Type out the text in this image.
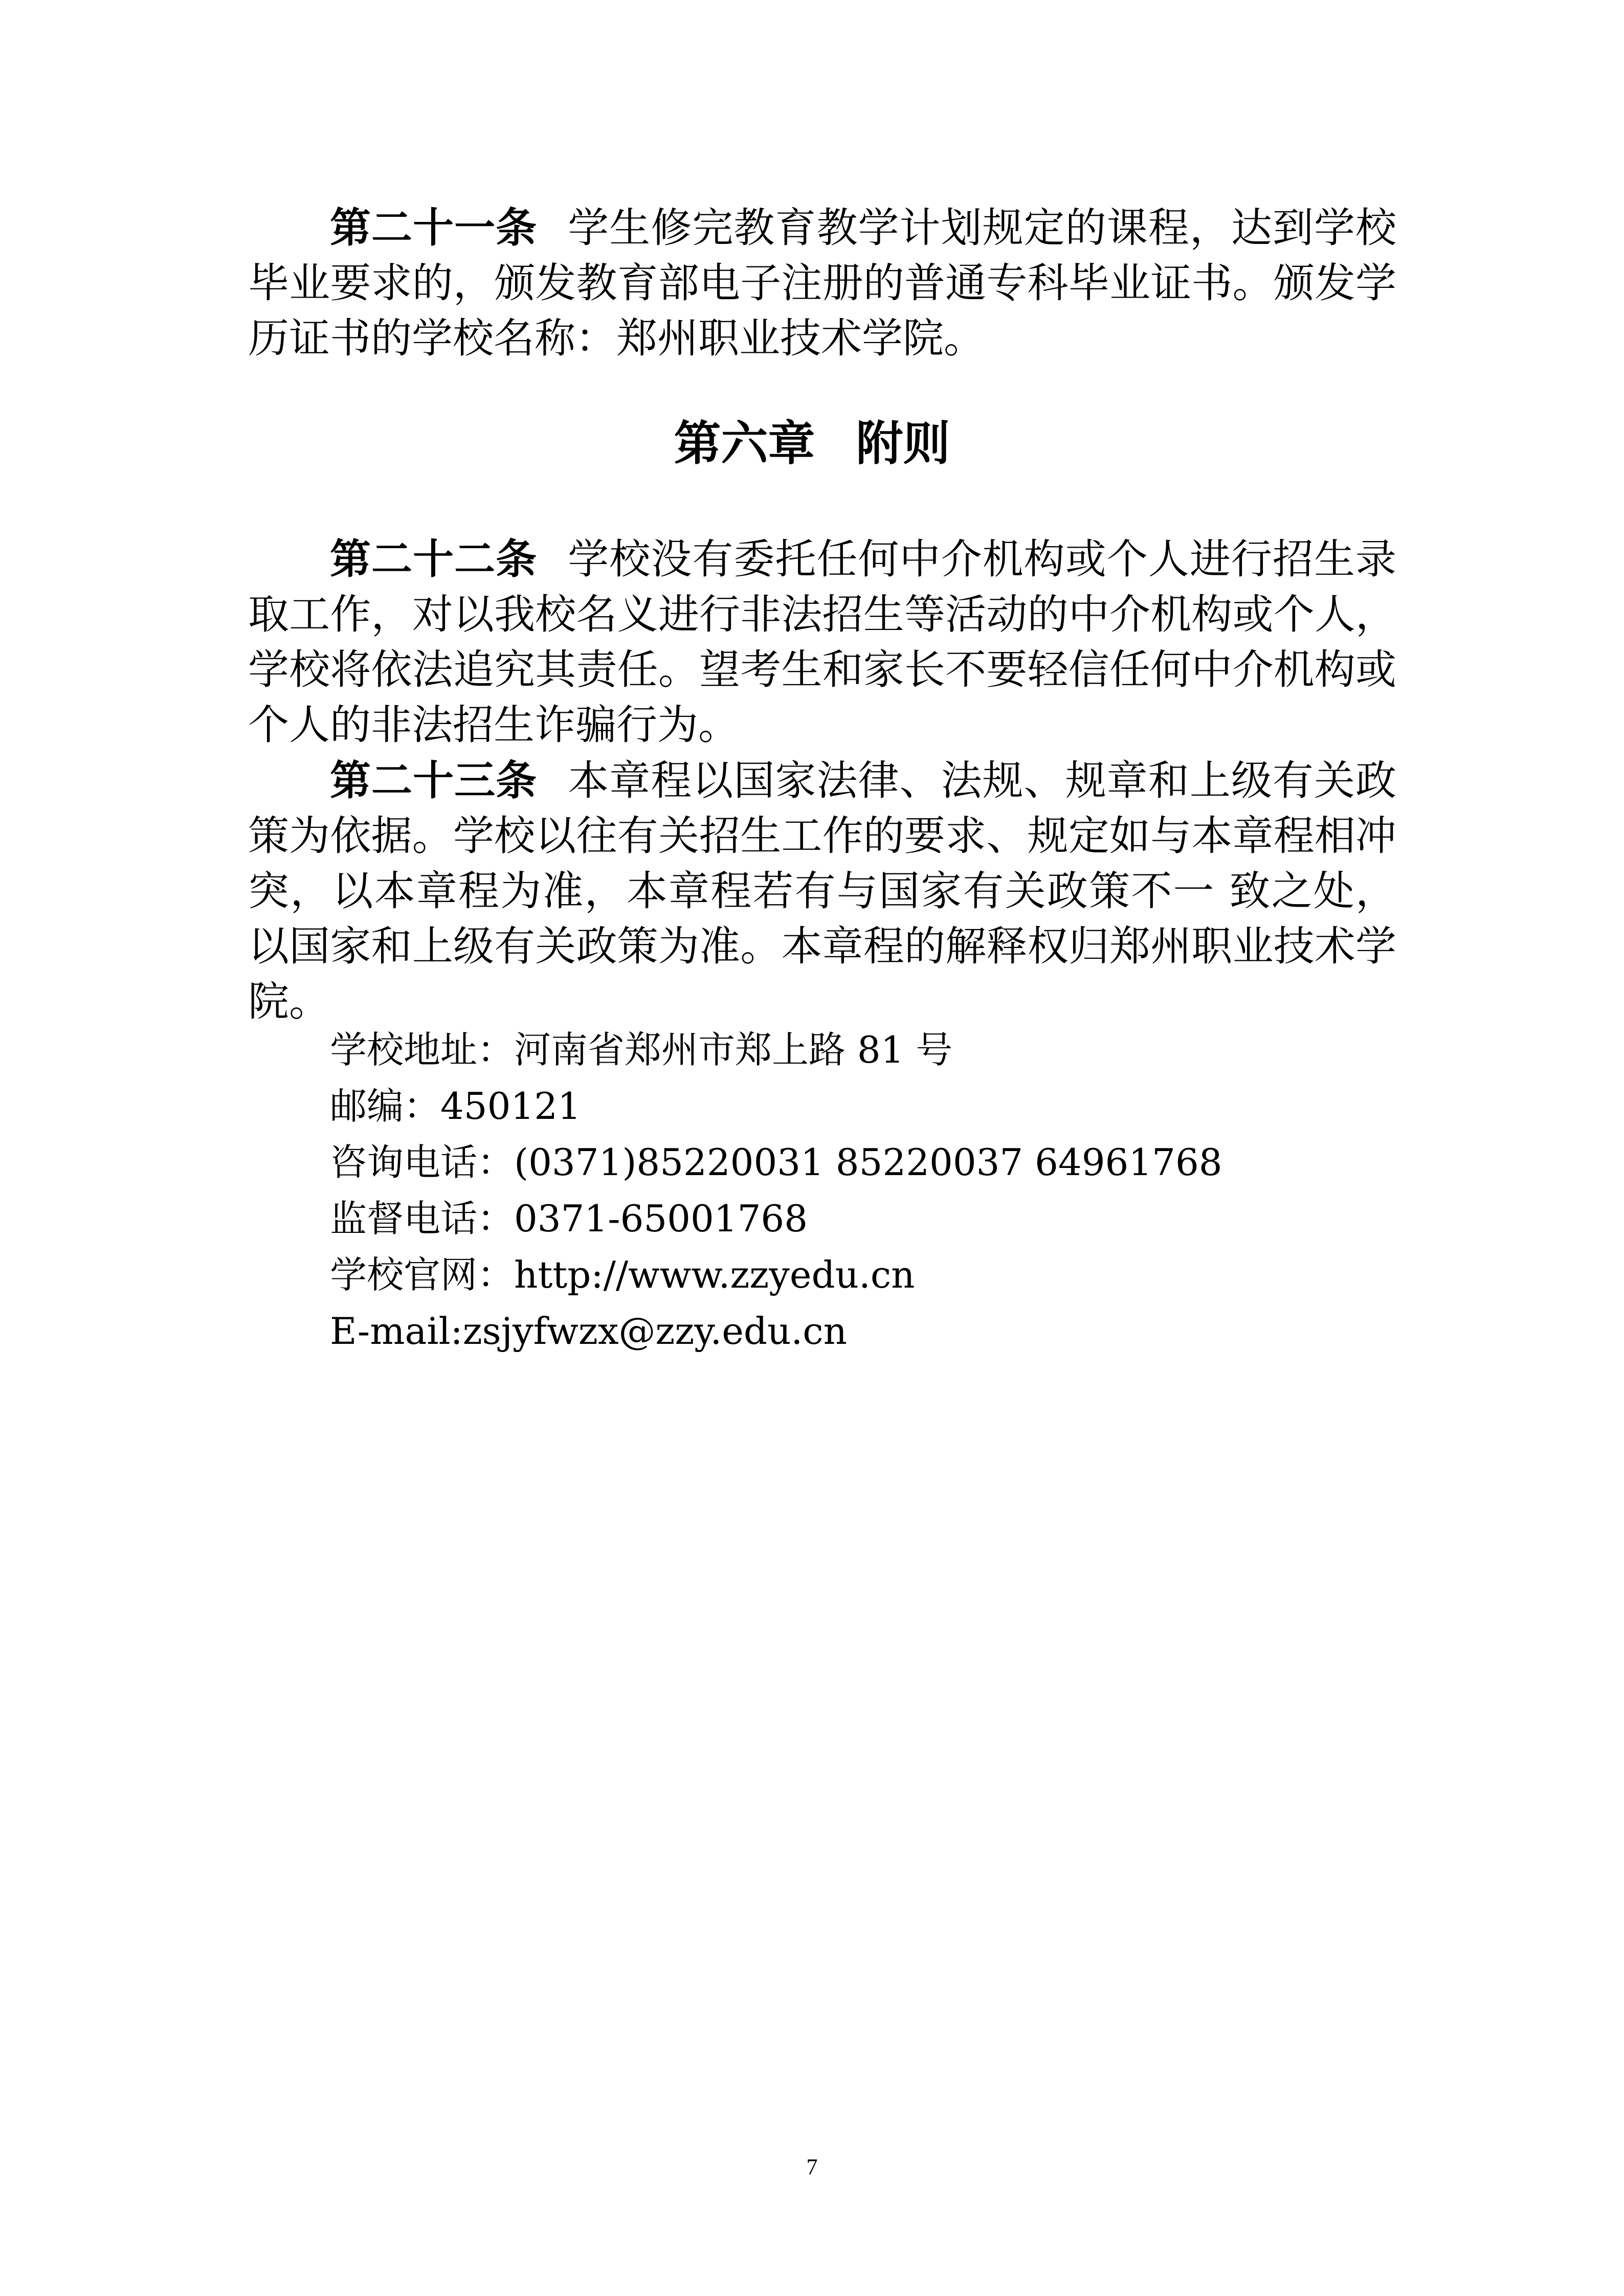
第二十一条 学生修完教育教学计划规定的课程，达到学校毕业要求的，颁发教育部电子注册的普通专科毕业证书。颁发学历证书的学校名称：郑州职业技术学院。

第六章 附则

第二十二条 学校没有委托任何中介机构或个人进行招生录取工作，对以我校名义进行非法招生等活动的中介机构或个人，学校将依法追究其责任。望考生和家长不要轻信任何中介机构或个人的非法招生诈骗行为。

第二十三条 本章程以国家法律、法规、规章和上级有关政策为依据。学校以往有关招生工作的要求、规定如与本章程相冲突，以本章程为准，本章程若有与国家有关政策不一 致之处，以国家和上级有关政策为准。本章程的解释权归郑州职业技术学院。

学校地址：河南省郑州市郑上路 81 号
邮编：450121
咨询电话：(0371)85220031 85220037 64961768
监督电话：0371-65001768
学校官网：http://www.zzyedu.cn
E-mail:zsjyfwzx@zzy.edu.cn
7
